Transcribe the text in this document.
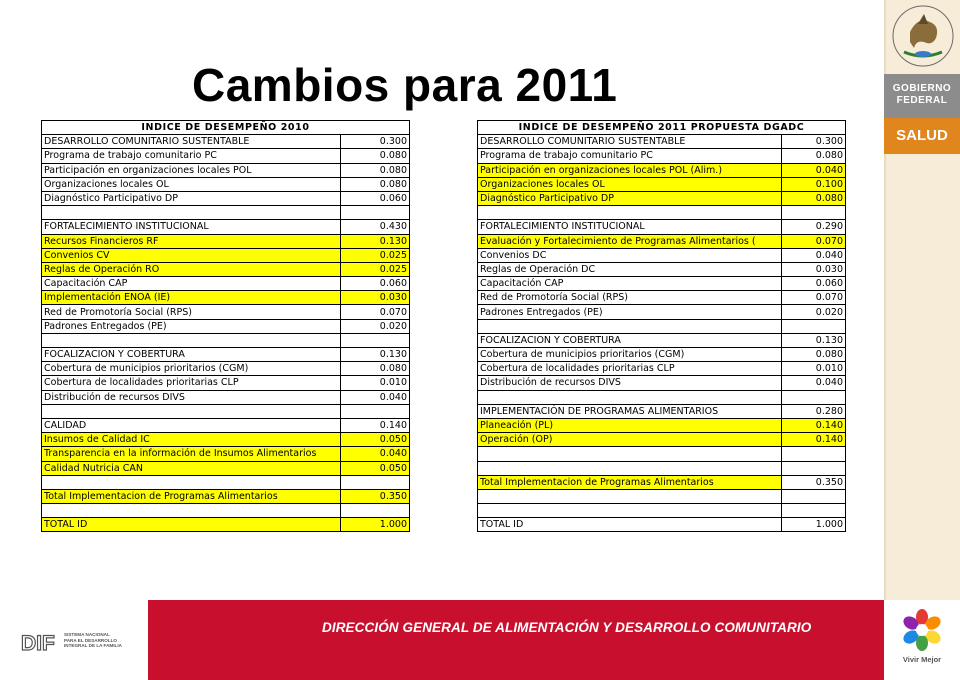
Cambios para 2011	GOBIERNO
FEDERAL
SALUD
INDICE DE DESEMPEÑO 2010	
DESARROLLO COMUNITARIO SUSTENTABLE	0.300
Programa de trabajo comunitario PC	0.080
Participación en organizaciones locales POL	0.080
Organizaciones locales OL	0.080
Diagnóstico Participativo DP	0.060

FORTALECIMIENTO INSTITUCIONAL	0.430
Recursos Financieros RF	0.130
Convenios CV	0.025
Reglas de Operación RO	0.025
Capacitación CAP	0.060
Implementación ENOA (IE)	0.030
Red de Promotoría Social (RPS)	0.070
Padrones Entregados (PE)	0.020

FOCALIZACION Y COBERTURA	0.130
Cobertura de municipios prioritarios (CGM)	0.080
Cobertura de localidades prioritarias CLP	0.010
Distribución de recursos DIVS	0.040

CALIDAD	0.140
Insumos de Calidad IC	0.050
Transparencia en la información de Insumos Alimentarios	0.040
Calidad Nutricia CAN	0.050

Total Implementacion de Programas Alimentarios	0.350

TOTAL ID	1.000
INDICE DE DESEMPEÑO 2011 PROPUESTA DGADC	
DESARROLLO COMUNITARIO SUSTENTABLE	0.300
Programa de trabajo comunitario PC	0.080
Participación en organizaciones locales POL (Alim.)	0.040
Organizaciones locales OL	0.100
Diagnóstico Participativo DP	0.080

FORTALECIMIENTO INSTITUCIONAL	0.290
Evaluación y Fortalecimiento de Programas Alimentarios (	0.070
Convenios DC	0.040
Reglas de Operación DC	0.030
Capacitación CAP	0.060
Red de Promotoría Social (RPS)	0.070
Padrones Entregados (PE)	0.020

FOCALIZACION Y COBERTURA	0.130
Cobertura de municipios prioritarios (CGM)	0.080
Cobertura de localidades prioritarias CLP	0.010
Distribución de recursos DIVS	0.040

IMPLEMENTACIÓN DE PROGRAMAS ALIMENTARIOS	0.280
Planeación (PL)	0.140
Operación (OP)	0.140

Total Implementacion de Programas Alimentarios	0.350

TOTAL ID	1.000
DIF SISTEMA NACIONAL
PARA EL DESARROLLO
INTEGRAL DE LA FAMILIA
DIRECCIÓN GENERAL DE ALIMENTACIÓN Y DESARROLLO COMUNITARIO
Vivir Mejor
